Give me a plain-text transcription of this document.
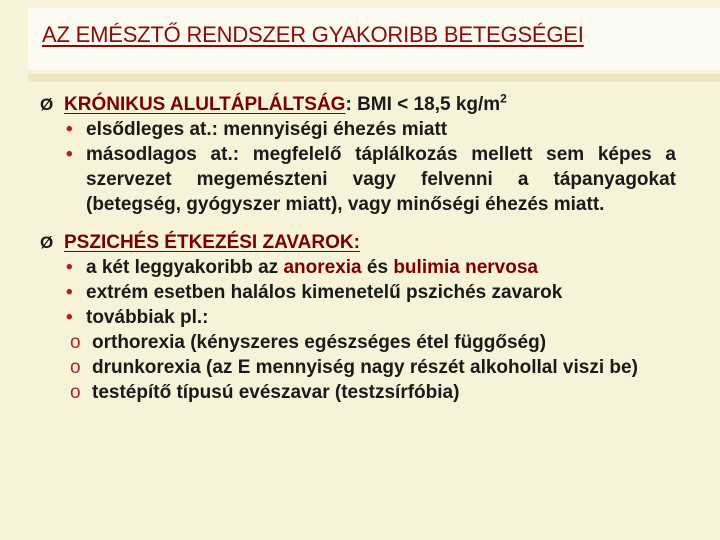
AZ EMÉSZTŐ RENDSZER GYAKORIBB BETEGSÉGEI
Ø KRÓNIKUS ALULTÁPLÁLTSÁG: BMI < 18,5 $kg/m^2$
• elsődleges at.: mennyiségi éhezés miatt
• másodlagos at.: megfelelő táplálkozás mellett sem képes a szervezet megemészteni vagy felvenni a tápanyagokat (betegség, gyógyszer miatt), vagy minőségi éhezés miatt.
Ø PSZICHÉS ÉTKEZÉSI ZAVAROK:
• a két leggyakoribb az anorexia és bulimia nervosa
• extrém esetben halálos kimenetelű pszichés zavarok
• továbbiak pl.:
o orthorexia (kényszeres egészséges étel függőség)
o drunkorexia (az E mennyiség nagy részét alkohollal viszi be)
o testépítő típusú evészavar (testzsírfóbia)
